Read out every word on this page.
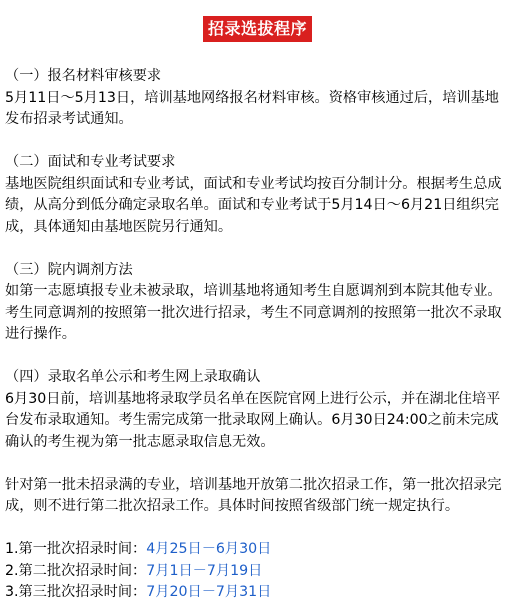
招录选拔程序

（一）报名材料审核要求

5月11日～5月13日，培训基地网络报名材料审核。资格审核通过后，培训基地发布招录考试通知。

（二）面试和专业考试要求

基地医院组织面试和专业考试，面试和专业考试均按百分制计分。根据考生总成绩，从高分到低分确定录取名单。面试和专业考试于5月14日～6月21日组织完成，具体通知由基地医院另行通知。

（三）院内调剂方法

如第一志愿填报专业未被录取，培训基地将通知考生自愿调剂到本院其他专业。考生同意调剂的按照第一批次进行招录，考生不同意调剂的按照第一批次不录取进行操作。

（四）录取名单公示和考生网上录取确认

6月30日前，培训基地将录取学员名单在医院官网上进行公示，并在湖北住培平台发布录取通知。考生需完成第一批录取网上确认。6月30日24:00之前未完成确认的考生视为第一批志愿录取信息无效。

针对第一批未招录满的专业，培训基地开放第二批次招录工作，第一批次招录完成，则不进行第二批次招录工作。具体时间按照省级部门统一规定执行。

1.第一批次招录时间：4月25日－6月30日

2.第二批次招录时间：7月1日－7月19日

3.第三批次招录时间：7月20日－7月31日
